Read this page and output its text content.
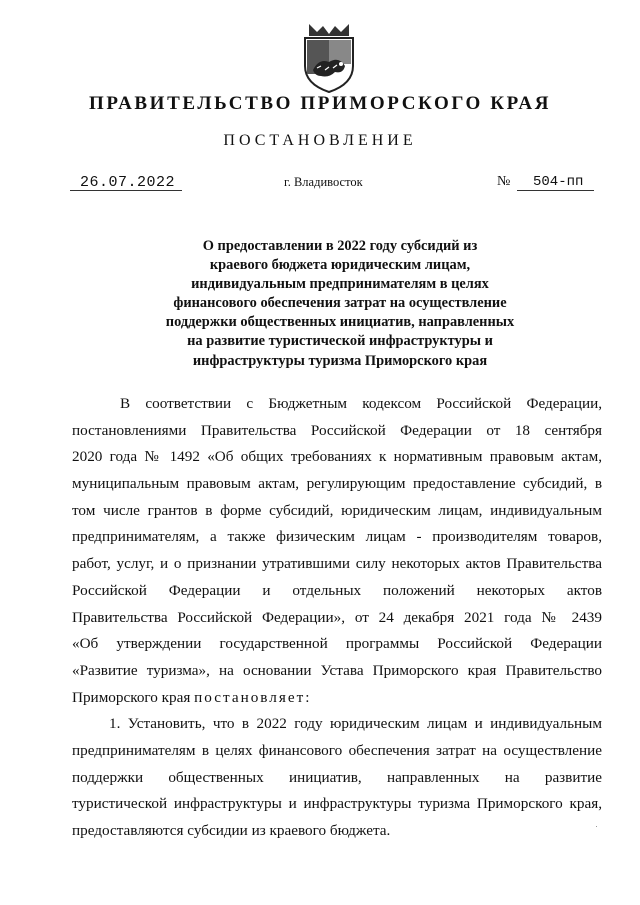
ПРАВИТЕЛЬСТВО ПРИМОРСКОГО КРАЯ
ПОСТАНОВЛЕНИЕ
26.07.2022	г. Владивосток	№ 504-пп
О предоставлении в 2022 году субсидий из
краевого бюджета юридическим лицам,
индивидуальным предпринимателям в целях
финансового обеспечения затрат на осуществление
поддержки общественных инициатив, направленных
на развитие туристической инфраструктуры и
инфраструктуры туризма Приморского края
В соответствии с Бюджетным кодексом Российской Федерации,
постановлениями Правительства Российской Федерации от 18 сентября
2020 года № 1492 «Об общих требованиях к нормативным правовым актам,
муниципальным правовым актам, регулирующим предоставление субсидий, в
том числе грантов в форме субсидий, юридическим лицам, индивидуальным
предпринимателям, а также физическим лицам - производителям товаров,
работ, услуг, и о признании утратившими силу некоторых актов Правительства
Российской Федерации и отдельных положений некоторых актов
Правительства Российской Федерации», от 24 декабря 2021 года № 2439
«Об утверждении государственной программы Российской Федерации
«Развитие туризма», на основании Устава Приморского края Правительство
Приморского края постановляет:
1. Установить, что в 2022 году юридическим лицам и индивидуальным
предпринимателям в целях финансового обеспечения затрат на осуществление
поддержки общественных инициатив, направленных на развитие
туристической инфраструктуры и инфраструктуры туризма Приморского края,
предоставляются субсидии из краевого бюджета.
